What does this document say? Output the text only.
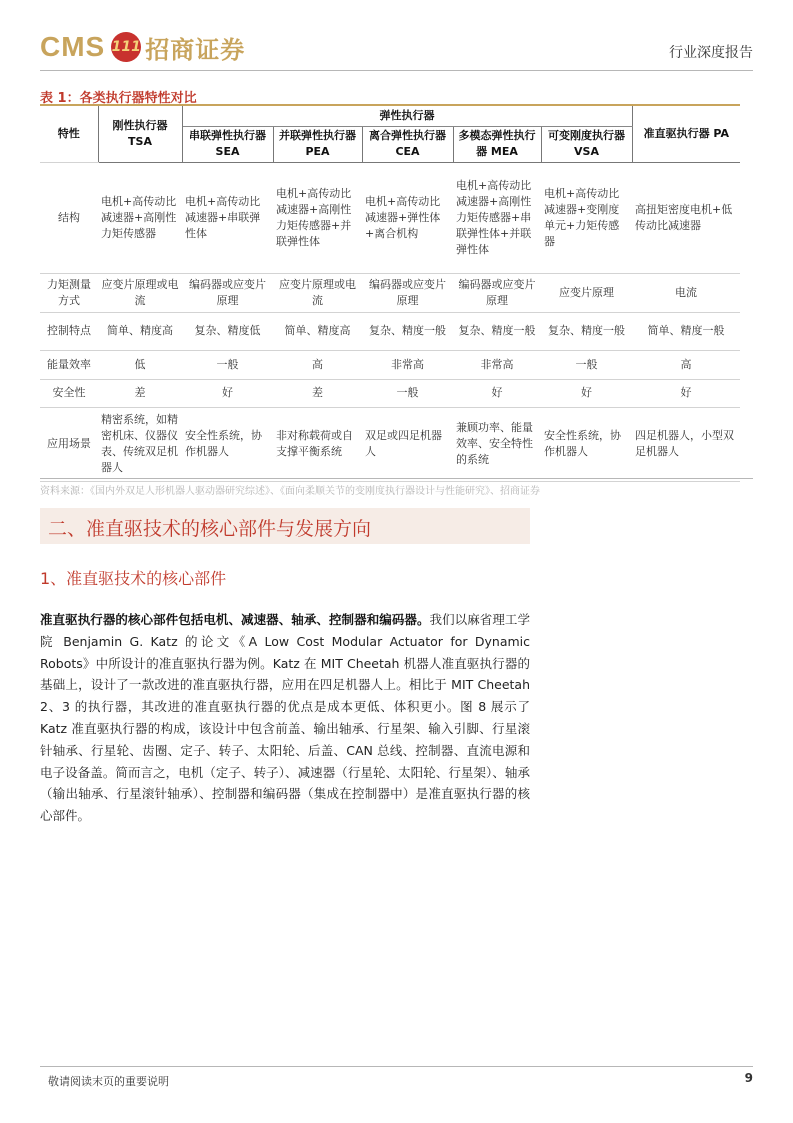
CMS 111 招商证券	行业深度报告
表 1：各类执行器特性对比
特性	刚性执行器 TSA	弹性执行器					准直驱执行器 PA
		串联弹性执行器 SEA	并联弹性执行器 PEA	离合弹性执行器 CEA	多模态弹性执行器 MEA	可变刚度执行器 VSA	
结构	电机+高传动比减速器+高刚性力矩传感器	电机+高传动比减速器+串联弹性体	电机+高传动比减速器+高刚性力矩传感器+并联弹性体	电机+高传动比减速器+弹性体+离合机构	电机+高传动比减速器+高刚性力矩传感器+串联弹性体+并联弹性体	电机+高传动比减速器+变刚度单元+力矩传感器	高扭矩密度电机+低传动比减速器
力矩测量方式	应变片原理或电流	编码器或应变片原理	应变片原理或电流	编码器或应变片原理	编码器或应变片原理	应变片原理	电流
控制特点	简单、精度高	复杂、精度低	简单、精度高	复杂、精度一般	复杂、精度一般	复杂、精度一般	简单、精度一般
能量效率	低	一般	高	非常高	非常高	一般	高
安全性	差	好	差	一般	好	好	好
应用场景	精密系统，如精密机床、仪器仪表、传统双足机器人	安全性系统，协作机器人	非对称载荷或自支撑平衡系统	双足或四足机器人	兼顾功率、能量效率、安全特性的系统	安全性系统，协作机器人	四足机器人，小型双足机器人
资料来源：《国内外双足人形机器人驱动器研究综述》、《面向柔顺关节的变刚度执行器设计与性能研究》、招商证券
二、准直驱技术的核心部件与发展方向
1、准直驱技术的核心部件
准直驱执行器的核心部件包括电机、减速器、轴承、控制器和编码器。我们以麻省理工学院 Benjamin G. Katz 的论文《A Low Cost Modular Actuator for Dynamic Robots》中所设计的准直驱执行器为例。Katz 在 MIT Cheetah 机器人准直驱执行器的基础上，设计了一款改进的准直驱执行器，应用在四足机器人上。相比于 MIT Cheetah 2、3 的执行器，其改进的准直驱执行器的优点是成本更低、体积更小。图 8 展示了 Katz 准直驱执行器的构成，该设计中包含前盖、输出轴承、行星架、输入引脚、行星滚针轴承、行星轮、齿圈、定子、转子、太阳轮、后盖、CAN 总线、控制器、直流电源和电子设备盖。简而言之，电机（定子、转子）、减速器（行星轮、太阳轮、行星架）、轴承（输出轴承、行星滚针轴承）、控制器和编码器（集成在控制器中）是准直驱执行器的核心部件。
敬请阅读末页的重要说明	9
